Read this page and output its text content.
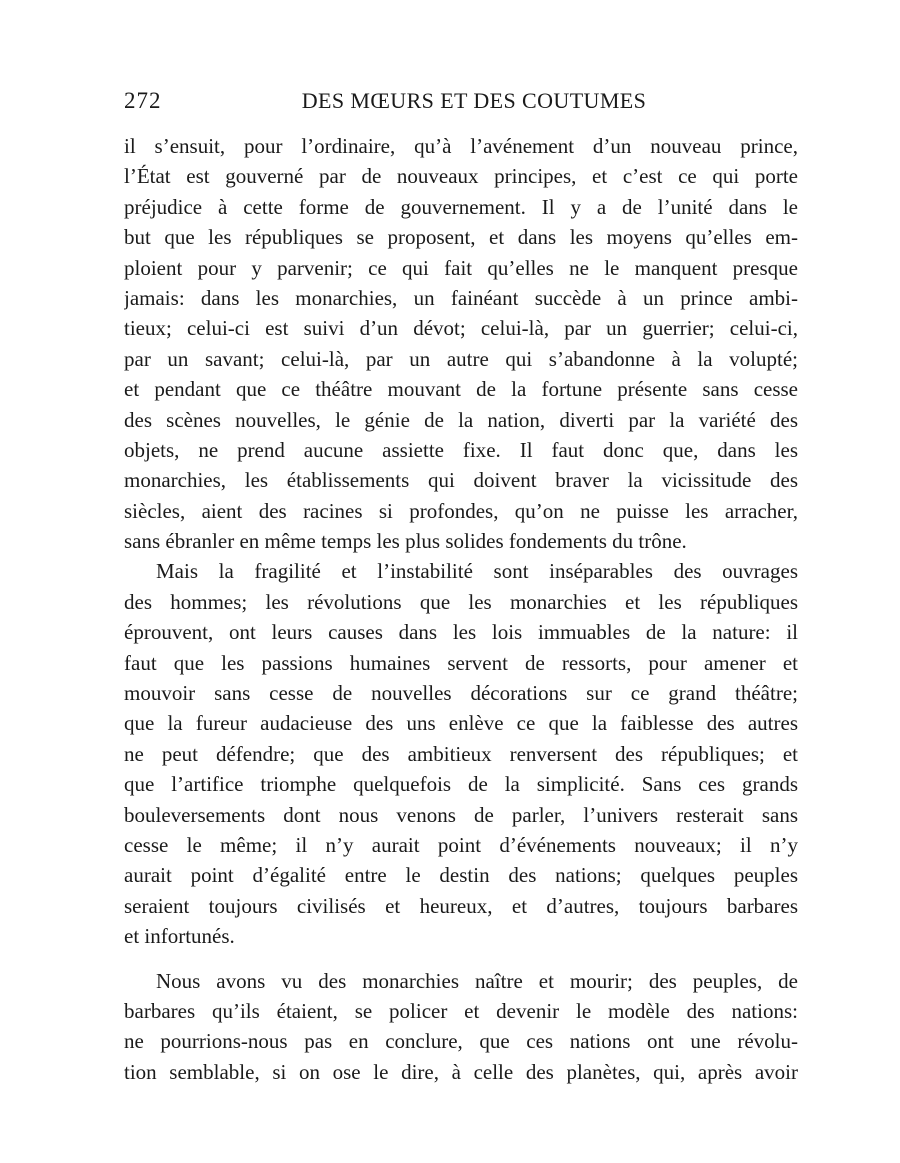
272	DES MŒURS ET DES COUTUMES
il s’ensuit, pour l’ordinaire, qu’à l’avénement d’un nouveau prince,
l’État est gouverné par de nouveaux principes, et c’est ce qui porte
préjudice à cette forme de gouvernement. Il y a de l’unité dans le
but que les républiques se proposent, et dans les moyens qu’elles em-
ploient pour y parvenir; ce qui fait qu’elles ne le manquent presque
jamais: dans les monarchies, un fainéant succède à un prince ambi-
tieux; celui-ci est suivi d’un dévot; celui-là, par un guerrier; celui-ci,
par un savant; celui-là, par un autre qui s’abandonne à la volupté;
et pendant que ce théâtre mouvant de la fortune présente sans cesse
des scènes nouvelles, le génie de la nation, diverti par la variété des
objets, ne prend aucune assiette fixe. Il faut donc que, dans les
monarchies, les établissements qui doivent braver la vicissitude des
siècles, aient des racines si profondes, qu’on ne puisse les arracher,
sans ébranler en même temps les plus solides fondements du trône.
Mais la fragilité et l’instabilité sont inséparables des ouvrages
des hommes; les révolutions que les monarchies et les républiques
éprouvent, ont leurs causes dans les lois immuables de la nature: il
faut que les passions humaines servent de ressorts, pour amener et
mouvoir sans cesse de nouvelles décorations sur ce grand théâtre;
que la fureur audacieuse des uns enlève ce que la faiblesse des autres
ne peut défendre; que des ambitieux renversent des républiques; et
que l’artifice triomphe quelquefois de la simplicité. Sans ces grands
bouleversements dont nous venons de parler, l’univers resterait sans
cesse le même; il n’y aurait point d’événements nouveaux; il n’y
aurait point d’égalité entre le destin des nations; quelques peuples
seraient toujours civilisés et heureux, et d’autres, toujours barbares
et infortunés.
Nous avons vu des monarchies naître et mourir; des peuples, de
barbares qu’ils étaient, se policer et devenir le modèle des nations:
ne pourrions-nous pas en conclure, que ces nations ont une révolu-
tion semblable, si on ose le dire, à celle des planètes, qui, après avoir
